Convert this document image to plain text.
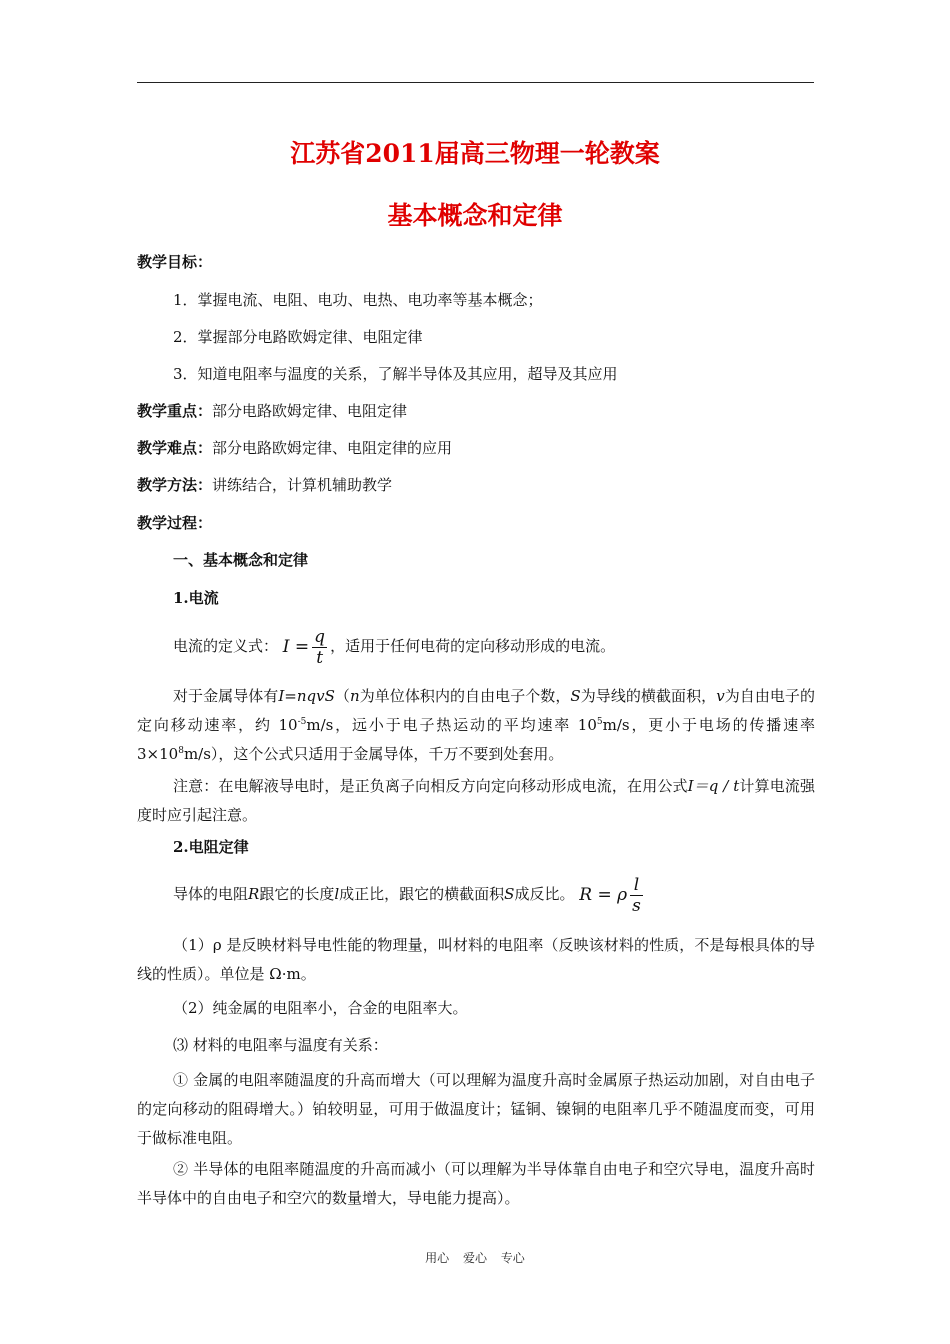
江苏省2011届高三物理一轮教案
基本概念和定律
教学目标：
1．掌握电流、电阻、电功、电热、电功率等基本概念；
2．掌握部分电路欧姆定律、电阻定律
3．知道电阻率与温度的关系，了解半导体及其应用，超导及其应用
教学重点：部分电路欧姆定律、电阻定律
教学难点：部分电路欧姆定律、电阻定律的应用
教学方法：讲练结合，计算机辅助教学
教学过程：
一、基本概念和定律
1.电流
电流的定义式： $I = \frac{q}{t}$ ，适用于任何电荷的定向移动形成的电流。
对于金属导体有I=nqvS（n为单位体积内的自由电子个数，S为导线的横截面积，v为自由电子的定向移动速率，约 $10^{-5}m/s$，远小于电子热运动的平均速率 $10^5m/s$，更小于电场的传播速率 $3\times 10^8m/s$），这个公式只适用于金属导体，千万不要到处套用。
注意：在电解液导电时，是正负离子向相反方向定向移动形成电流，在用公式I＝q / t计算电流强度时应引起注意。
2.电阻定律
导体的电阻R跟它的长度l成正比，跟它的横截面积S成反比。 R = ρ $\frac{l}{s}$
（1）ρ 是反映材料导电性能的物理量，叫材料的电阻率（反映该材料的性质，不是每根具体的导线的性质）。单位是 Ω·m。
（2）纯金属的电阻率小，合金的电阻率大。
⑶ 材料的电阻率与温度有关系：
① 金属的电阻率随温度的升高而增大（可以理解为温度升高时金属原子热运动加剧，对自由电子的定向移动的阻碍增大。）铂较明显，可用于做温度计；锰铜、镍铜的电阻率几乎不随温度而变，可用于做标准电阻。
② 半导体的电阻率随温度的升高而减小（可以理解为半导体靠自由电子和空穴导电，温度升高时半导体中的自由电子和空穴的数量增大，导电能力提高）。
用心 爱心 专心
